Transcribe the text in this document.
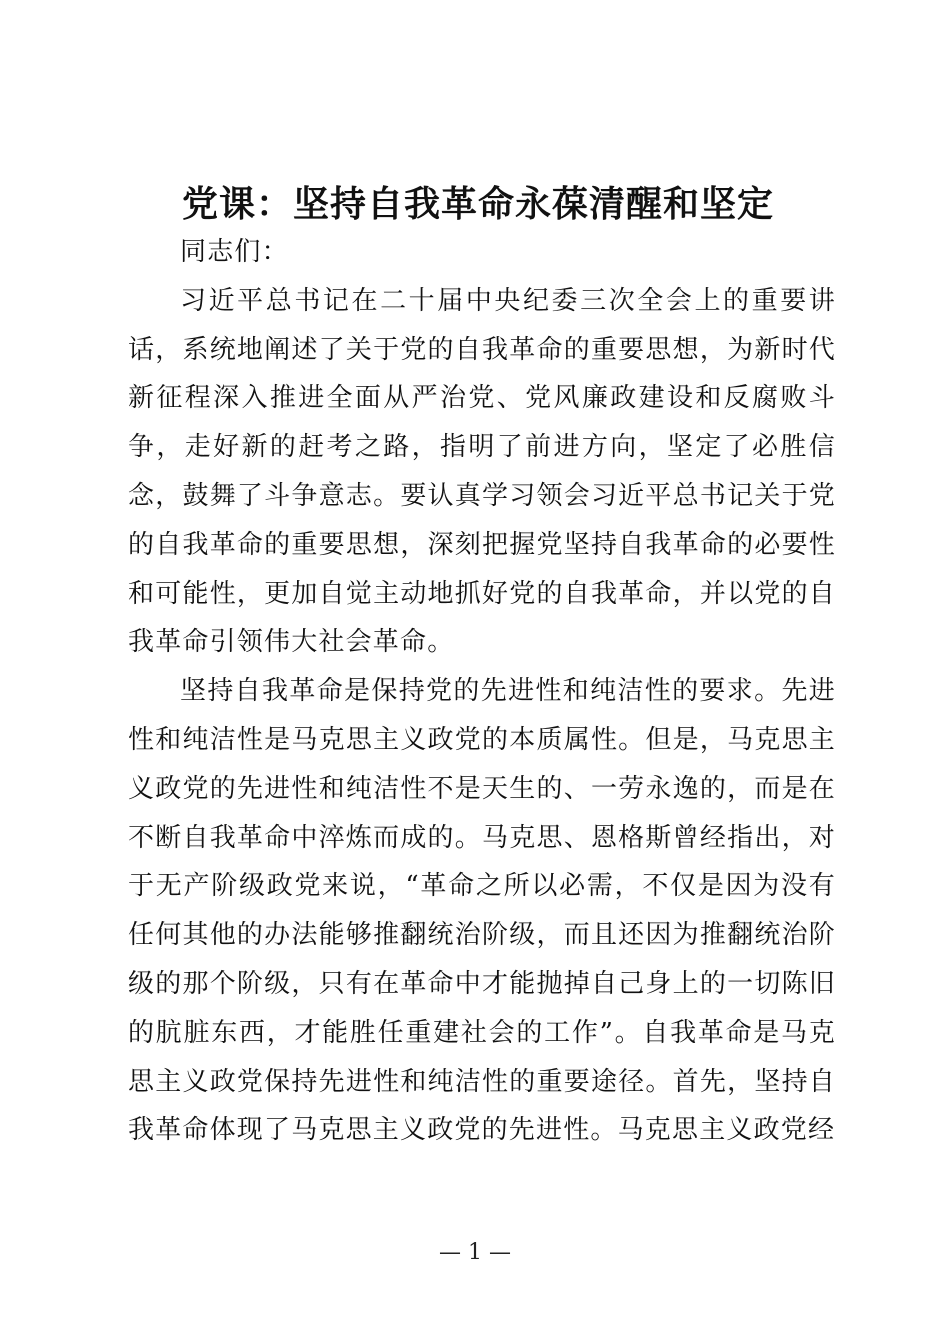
党课：坚持自我革命永葆清醒和坚定

同志们：

习近平总书记在二十届中央纪委三次全会上的重要讲话，系统地阐述了关于党的自我革命的重要思想，为新时代新征程深入推进全面从严治党、党风廉政建设和反腐败斗争，走好新的赶考之路，指明了前进方向，坚定了必胜信念，鼓舞了斗争意志。要认真学习领会习近平总书记关于党的自我革命的重要思想，深刻把握党坚持自我革命的必要性和可能性，更加自觉主动地抓好党的自我革命，并以党的自我革命引领伟大社会革命。

坚持自我革命是保持党的先进性和纯洁性的要求。先进性和纯洁性是马克思主义政党的本质属性。但是，马克思主义政党的先进性和纯洁性不是天生的、一劳永逸的，而是在不断自我革命中淬炼而成的。马克思、恩格斯曾经指出，对于无产阶级政党来说，“革命之所以必需，不仅是因为没有任何其他的办法能够推翻统治阶级，而且还因为推翻统治阶级的那个阶级，只有在革命中才能抛掉自己身上的一切陈旧的肮脏东西，才能胜任重建社会的工作”。自我革命是马克思主义政党保持先进性和纯洁性的重要途径。首先，坚持自我革命体现了马克思主义政党的先进性。马克思主义政党经

— 1 —
